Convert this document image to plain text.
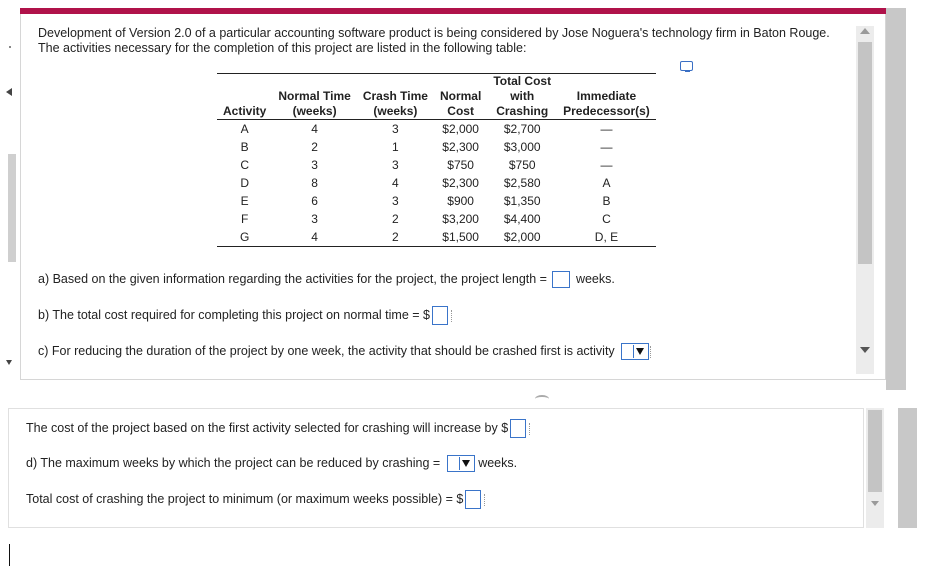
Development of Version 2.0 of a particular accounting software product is being considered by Jose Noguera's technology firm in Baton Rouge. The activities necessary for the completion of this project are listed in the following table:
				Total Cost	
	Normal Time	Crash Time	Normal	with	Immediate
Activity	(weeks)	(weeks)	Cost	Crashing	Predecessor(s)
A	4	3	$2,000	$2,700	—
B	2	1	$2,300	$3,000	—
C	3	3	$750	$750	—
D	8	4	$2,300	$2,580	A
E	6	3	$900	$1,350	B
F	3	2	$3,200	$4,400	C
G	4	2	$1,500	$2,000	D, E
a) Based on the given information regarding the activities for the project, the project length = weeks.
b) The total cost required for completing this project on normal time = $
c) For reducing the duration of the project by one week, the activity that should be crashed first is activity
The cost of the project based on the first activity selected for crashing will increase by $
d) The maximum weeks by which the project can be reduced by crashing =	weeks.
Total cost of crashing the project to minimum (or maximum weeks possible) = $
